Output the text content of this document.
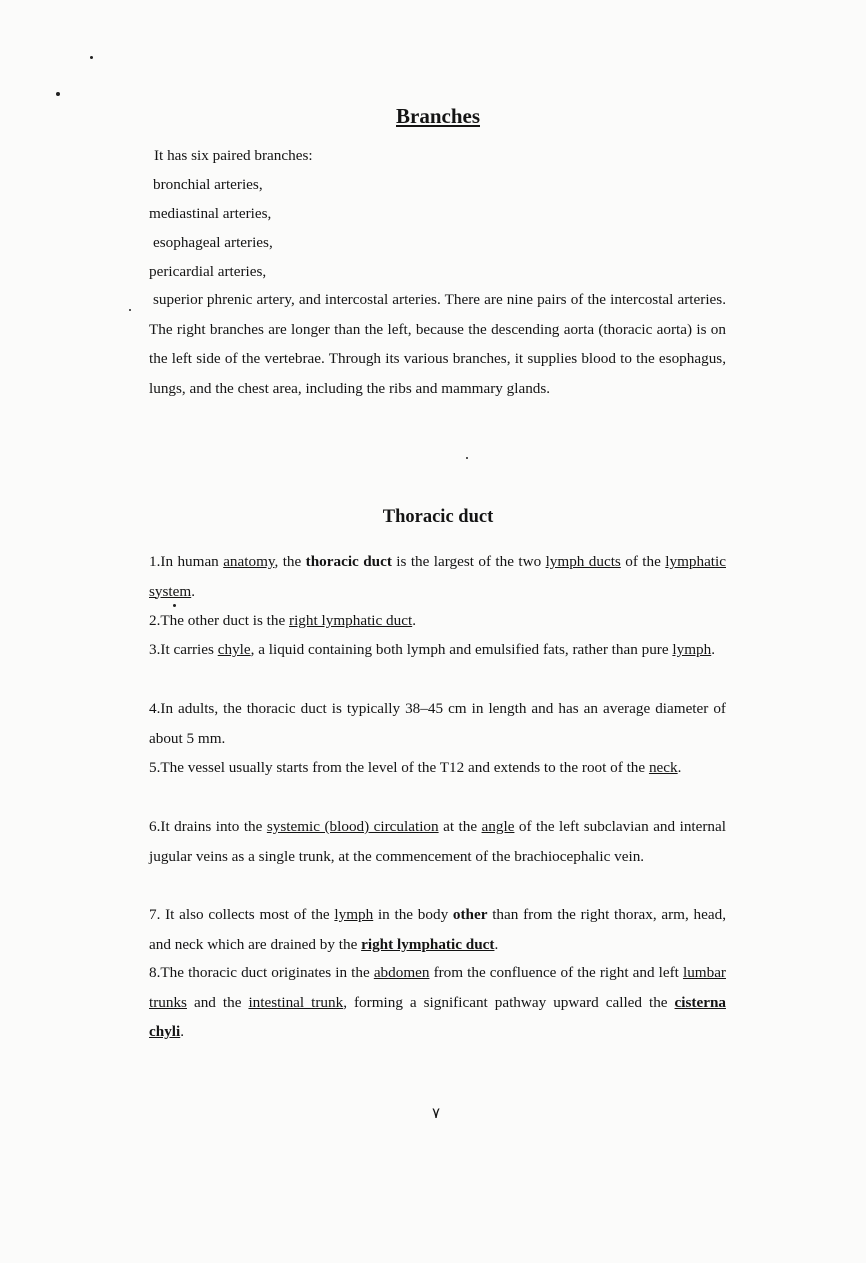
Branches
It has six paired branches:
bronchial arteries,
mediastinal arteries,
esophageal arteries,
pericardial arteries,

superior phrenic artery, and intercostal arteries. There are nine pairs of the intercostal arteries. The right branches are longer than the left, because the descending aorta (thoracic aorta) is on the left side of the vertebrae. Through its various branches, it supplies blood to the esophagus, lungs, and the chest area, including the ribs and mammary glands.

Thoracic duct

1.In human anatomy, the thoracic duct is the largest of the two lymph ducts of the lymphatic system.

2.The other duct is the right lymphatic duct.

3.It carries chyle, a liquid containing both lymph and emulsified fats, rather than pure lymph.

4.In adults, the thoracic duct is typically 38–45 cm in length and has an average diameter of about 5 mm.

5.The vessel usually starts from the level of the T12 and extends to the root of the neck.

6.It drains into the systemic (blood) circulation at the angle of the left subclavian and internal jugular veins as a single trunk, at the commencement of the brachiocephalic vein.

7. It also collects most of the lymph in the body other than from the right thorax, arm, head, and neck which are drained by the right lymphatic duct.

8.The thoracic duct originates in the abdomen from the confluence of the right and left lumbar trunks and the intestinal trunk, forming a significant pathway upward called the cisterna chyli.

٧
